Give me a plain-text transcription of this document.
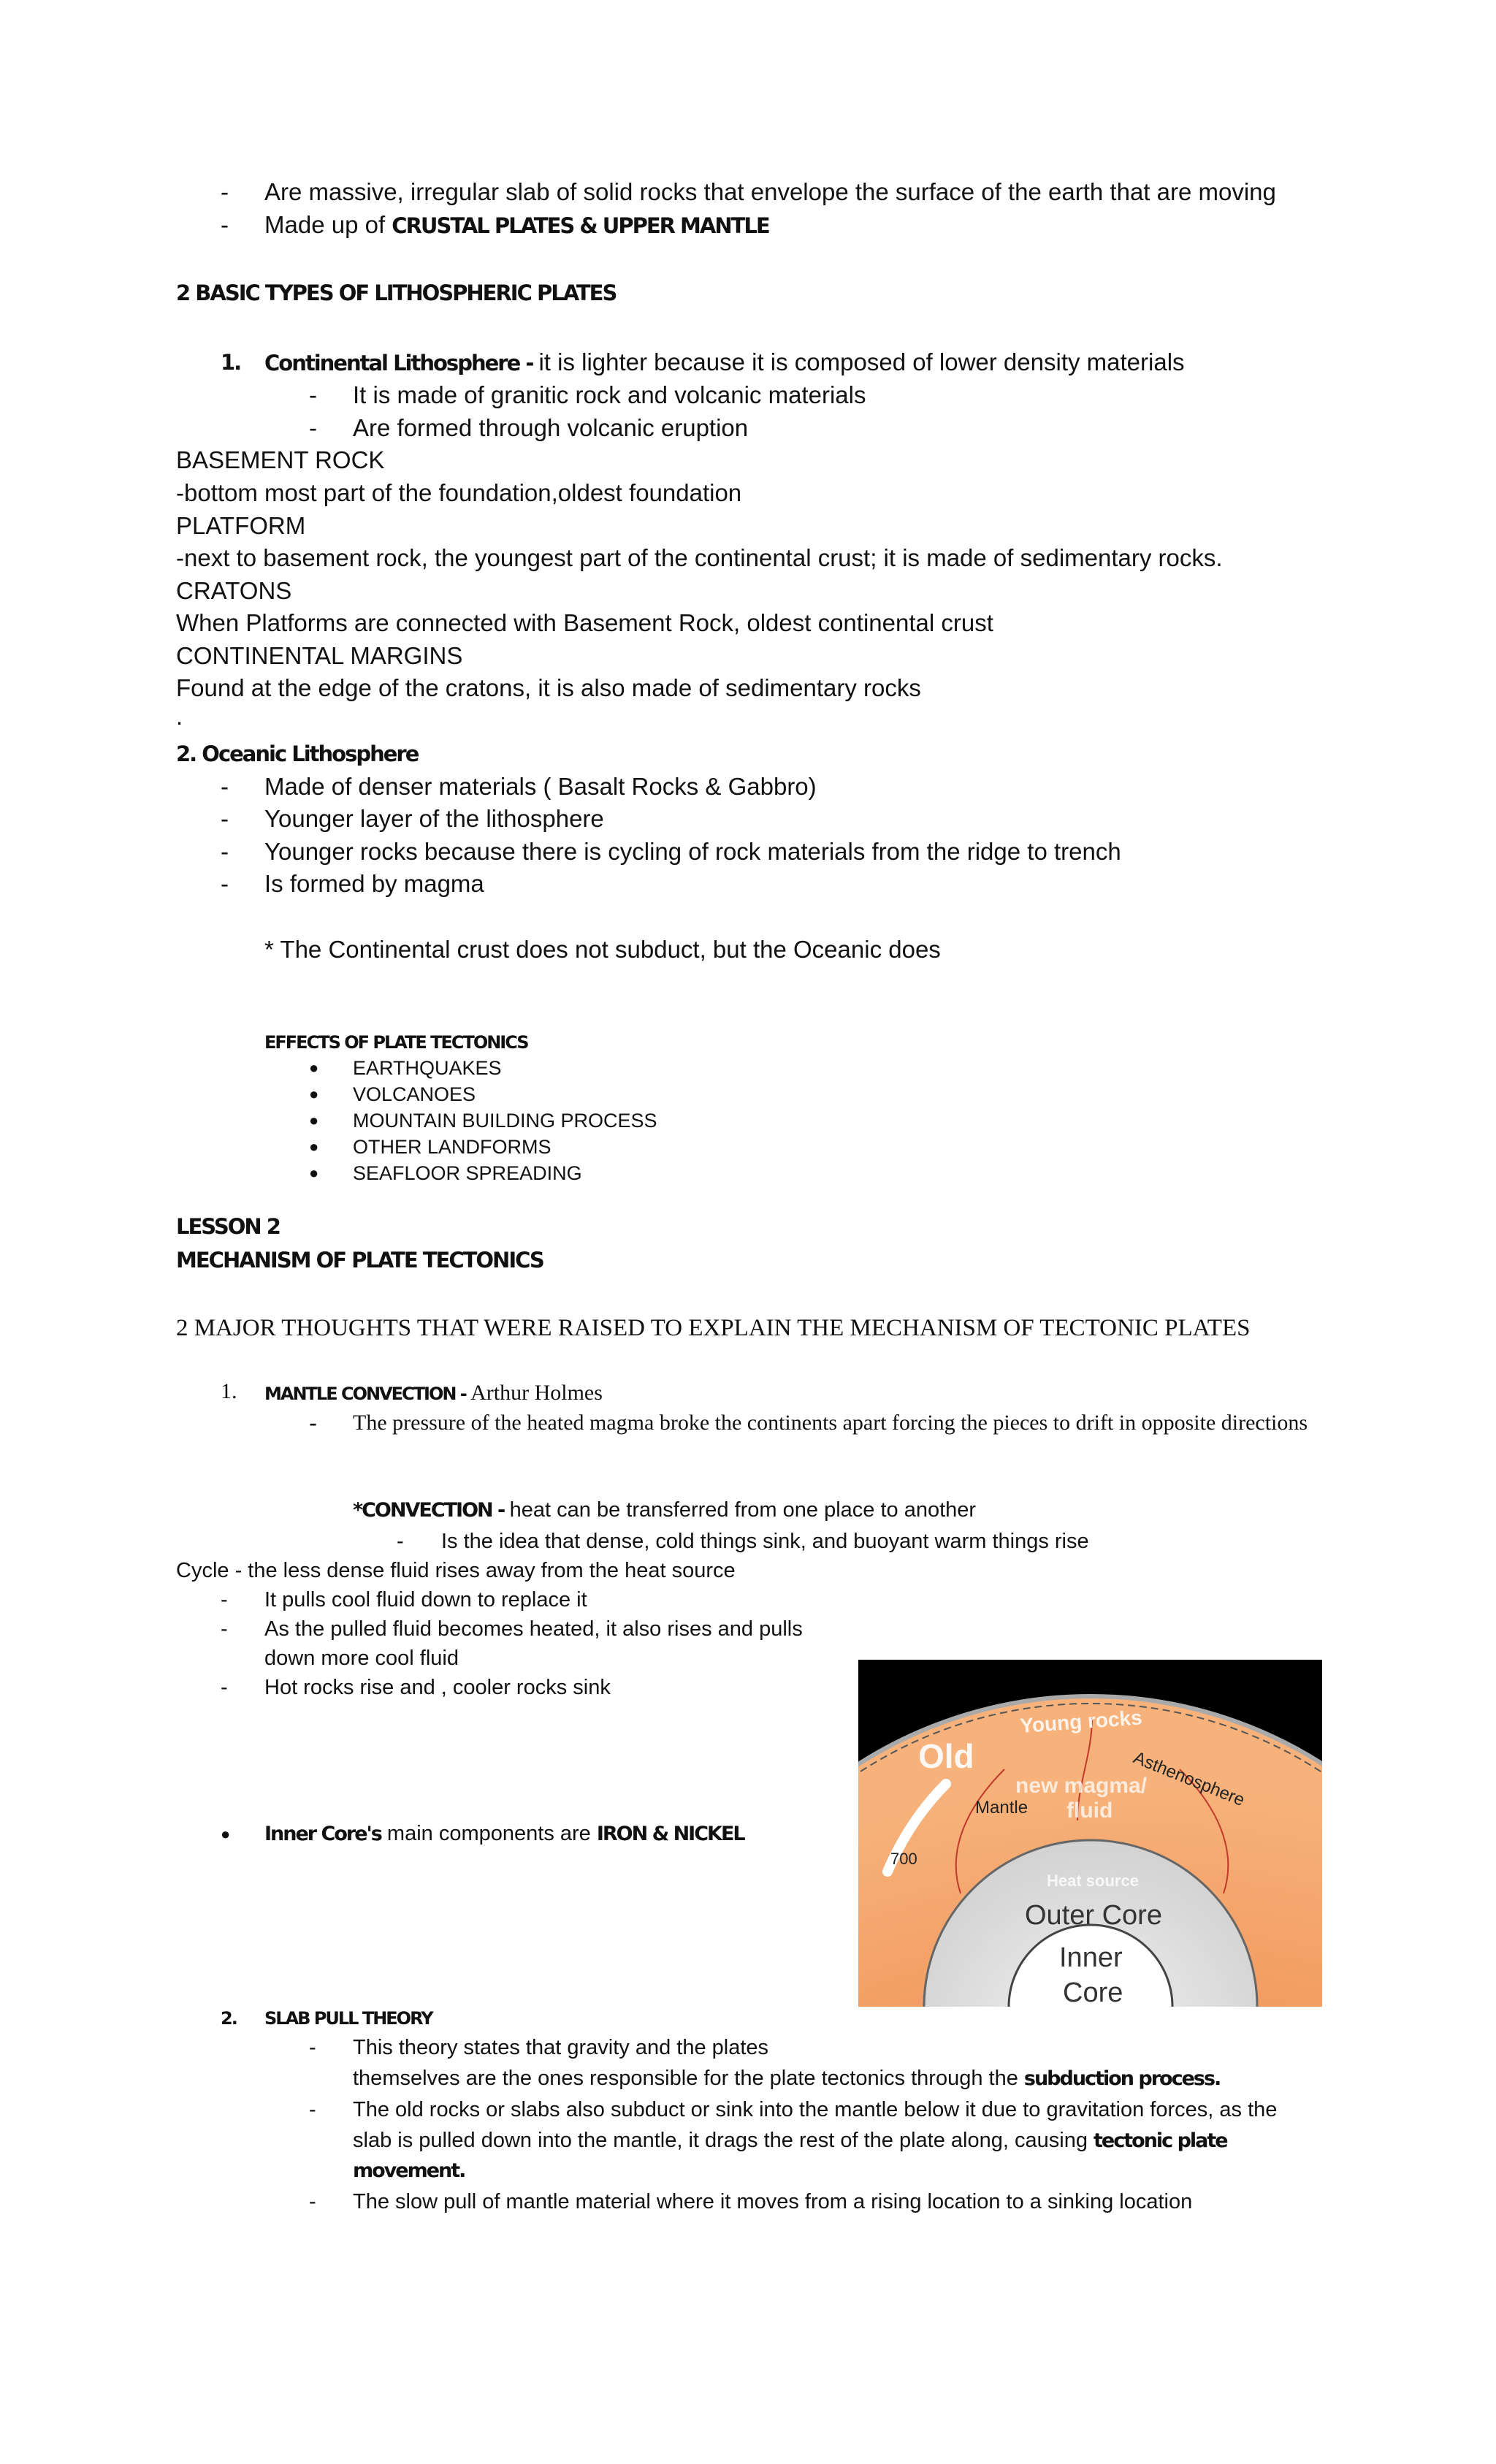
- Are massive, irregular slab of solid rocks that envelope the surface of the earth that are moving
- Made up of CRUSTAL PLATES & UPPER MANTLE
2 BASIC TYPES OF LITHOSPHERIC PLATES
1. Continental Lithosphere - it is lighter because it is composed of lower density materials
- It is made of granitic rock and volcanic materials
- Are formed through volcanic eruption
BASEMENT ROCK
-bottom most part of the foundation,oldest foundation
PLATFORM
-next to basement rock, the youngest part of the continental crust; it is made of sedimentary rocks.
CRATONS
When Platforms are connected with Basement Rock, oldest continental crust
CONTINENTAL MARGINS
Found at the edge of the cratons, it is also made of sedimentary rocks
.
2. Oceanic Lithosphere
- Made of denser materials ( Basalt Rocks & Gabbro)
- Younger layer of the lithosphere
- Younger rocks because there is cycling of rock materials from the ridge to trench
- Is formed by magma
* The Continental crust does not subduct, but the Oceanic does
EFFECTS OF PLATE TECTONICS
● EARTHQUAKES
● VOLCANOES
● MOUNTAIN BUILDING PROCESS
● OTHER LANDFORMS
● SEAFLOOR SPREADING
LESSON 2
MECHANISM OF PLATE TECTONICS
2 MAJOR THOUGHTS THAT WERE RAISED TO EXPLAIN THE MECHANISM OF TECTONIC PLATES
1. MANTLE CONVECTION - Arthur Holmes
- The pressure of the heated magma broke the continents apart forcing the pieces to drift in opposite directions
*CONVECTION - heat can be transferred from one place to another
- Is the idea that dense, cold things sink, and buoyant warm things rise
Cycle - the less dense fluid rises away from the heat source
- It pulls cool fluid down to replace it
- As the pulled fluid becomes heated, it also rises and pulls
down more cool fluid
- Hot rocks rise and , cooler rocks sink
● Inner Core's main components are IRON & NICKEL
Old
Young rocks
Asthenosphere
Mantle
new magma/
fluid
700
Heat source
Outer Core
Inner
Core
2. SLAB PULL THEORY
- This theory states that gravity and the plates
themselves are the ones responsible for the plate tectonics through the subduction process.
- The old rocks or slabs also subduct or sink into the mantle below it due to gravitation forces, as the
slab is pulled down into the mantle, it drags the rest of the plate along, causing tectonic plate
movement.
- The slow pull of mantle material where it moves from a rising location to a sinking location
